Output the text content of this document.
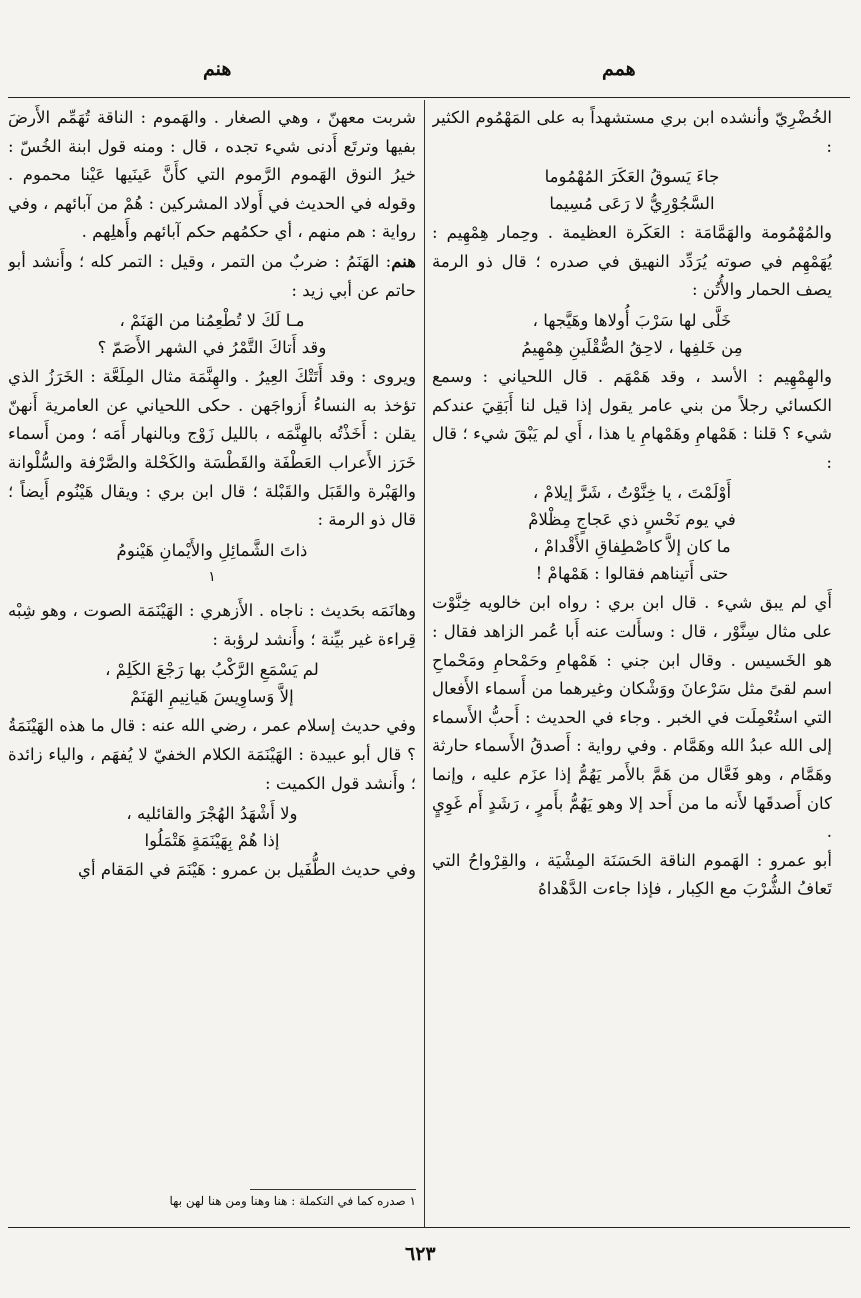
همم
هنم

الخُضْرِيّ وأنشده ابن بري مستشهداً به على المَهْمُوم الكثير :

جاءَ يَسوقُ العَكَرَ المُهْمُوما
السَّجُوْرِيُّ لا رَعَى مُسِيما

والمُهْمُومة والهَمَّامَة : العَكَرة العظيمة . وحِمار هِمْهِيم : يُهَمْهِم في صوته يُرَدِّد النهيق في صدره ؛ قال ذو الرمة يصف الحمار والأُتُن :

خَلَّى لها سَرْبَ أُولاها وهَيَّجها ،
مِن خَلفِها ، لاحِقُ الصُّقْلَينِ هِمْهِيمُ

والهِمْهِيم : الأسد ، وقد هَمْهَم . قال اللحياني : وسمع الكسائي رجلاً من بني عامر يقول إذا قيل لنا أَبَقِيَ عندكم شيء ؟ قلنا : هَمْهامِ وهَمْهامِ يا هذا ، أَي لم يَبْقَ شيء ؛ قال :

أَوْلَمْتَ ، يا خِنَّوْتُ ، شَرَّ إيلامْ ،
في يوم نَحْسٍ ذي عَجاجٍ مِظْلامْ
ما كان إلاَّ كاصْطِفاقِ الأَقْدامْ ،
حتى أَتيناهم فقالوا : هَمْهامْ !

أَي لم يبق شيء . قال ابن بري : رواه ابن خالويه خِنَّوْت على مثال سِنَّوْر ، قال : وسأَلت عنه أَبا عُمر الزاهد فقال : هو الخَسيس . وقال ابن جني : هَمْهامِ وحَمْحامِ ومَحْماحِ اسم لقىً مثل سَرْعانَ ووَشْكان وغيرهما من أَسماء الأَفعال التي استُعْمِلَت في الخبر . وجاء في الحديث : أَحبُّ الأَسماء إلى الله عبدُ الله وهَمَّام . وفي رواية : أَصدقُ الأَسماء حارثة وهَمَّام ، وهو فَعَّال من هَمَّ بالأَمر يَهُمُّ إذا عزَم عليه ، وإنما كان أَصدقَها لأَنه ما من أَحد إلا وهو يَهُمُّ بأَمرٍ ، رَشَدٍ أَم غَوِيٍ .

أبو عمرو : الهَموم الناقة الحَسَنَة المِشْيَة ، والقِرْواحُ التي تَعافُ الشُّرْبَ مع الكِبار ، فإذا جاءت الدَّهْداهُ

شربت معهنّ ، وهي الصغار . والهَموم : الناقة تُهَمِّم الأَرضَ بفيها وترتَع أَدنى شيء تجده ، قال : ومنه قول ابنة الخُسّ : خيرُ النوق الهَموم الرَّموم التي كأَنَّ عَينَيها عَيْنا محموم . وقوله في الحديث في أَولاد المشركين : هُمْ من آبائهم ، وفي رواية : هم منهم ، أي حكمُهم حكم آبائهم وأَهلِهم .

هنم: الهَنَمُ : ضربٌ من التمر ، وقيل : التمر كله ؛ وأَنشد أبو حاتم عن أبي زيد :

مـا لَكَ لا تُطْعِمُنا من الهَنَمْ ،
وقد أَتاكَ التَّمْرُ في الشهر الأَصَمّ ؟

ويروى : وقد أَتَتْكَ العِيرُ . والهِنَّمَة مثال المِلَعَّة : الخَرَزُ الذي تؤخذ به النساءُ أَزواجَهن . حكى اللحياني عن العامرية أَنهنّ يقلن : أَخَذْتُه بالهِنَّمَه ، بالليل زَوْج وبالنهار أَمَه ؛ ومن أَسماء خَرَز الأَعراب العَطْفَة والقَطْسَة والكَحْلة والصَّرْفة والسُّلْوانة والهَبْرة والقَبَل والقَبْلة ؛ قال ابن بري : ويقال هَيْنُوم أَيضاً ؛ قال ذو الرمة :

ذاتَ الشَّمائِلِ والأَيْمانِ هَيْنومُ
$^١$

وهانَمَه بحَديث : ناجاه . الأَزهري : الهَيْنَمَة الصوت ، وهو شِبْه قِراءة غير بيِّنة ؛ وأَنشد لرؤبة :

لم يَسْمَعِ الرَّكْبُ بها رَجْعَ الكَلِمْ ،
إلاَّ وَساوِيسَ هَيانِيمِ الهَنَمْ

وفي حديث إسلام عمر ، رضي الله عنه : قال ما هذه الهَيْنَمَةُ ؟ قال أبو عبيدة : الهَيْنَمَة الكلام الخفيّ لا يُفهَم ، والياء زائدة ؛ وأَنشد قول الكميت :

ولا أَشْهَدُ الهُجْرَ والقائليه ،
إذا هُمْ بِهَيْنَمَةٍ هَتْمَلُوا

وفي حديث الطُّفَيل بن عمرو : هَيْنَمَ في المَقام أي

١ صدره كما في التكملة : هنا وهنا ومن هنا لهن بها
٦٢٣
